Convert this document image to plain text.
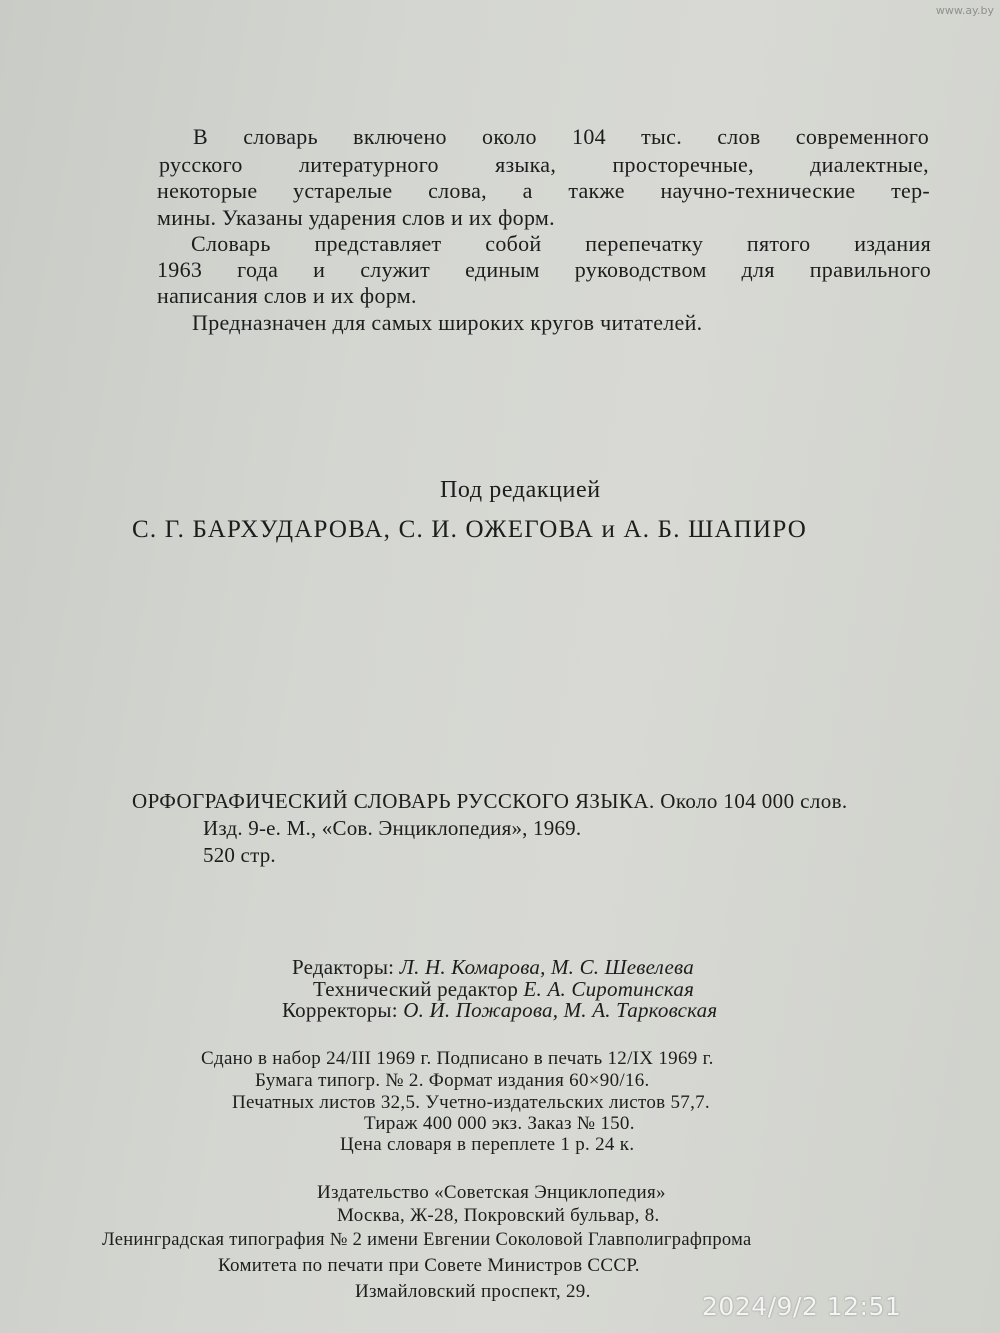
www.ay.by
В словарь включено около 104 тыс. слов современного
русского литературного языка, просторечные, диалектные,
некоторые устарелые слова, а также научно-технические тер-
мины. Указаны ударения слов и их форм.
Словарь представляет собой перепечатку пятого издания
1963 года и служит единым руководством для правильного
написания слов и их форм.
Предназначен для самых широких кругов читателей.
Под редакцией
С. Г. БАРХУДАРОВА, С. И. ОЖЕГОВА и А. Б. ШАПИРО
ОРФОГРАФИЧЕСКИЙ СЛОВАРЬ РУССКОГО ЯЗЫКА. Около 104 000 слов.
Изд. 9-е. М., «Сов. Энциклопедия», 1969.
520 стр.
Редакторы: Л. Н. Комарова, М. С. Шевелева
Технический редактор Е. А. Сиротинская
Корректоры: О. И. Пожарова, М. А. Тарковская
Сдано в набор 24/III 1969 г. Подписано в печать 12/IX 1969 г.
Бумага типогр. № 2. Формат издания 60×90/16.
Печатных листов 32,5. Учетно-издательских листов 57,7.
Тираж 400 000 экз. Заказ № 150.
Цена словаря в переплете 1 р. 24 к.
Издательство «Советская Энциклопедия»
Москва, Ж-28, Покровский бульвар, 8.
Ленинградская типография № 2 имени Евгении Соколовой Главполиграфпрома
Комитета по печати при Совете Министров СССР.
Измайловский проспект, 29.
2024/9/2 12:51
